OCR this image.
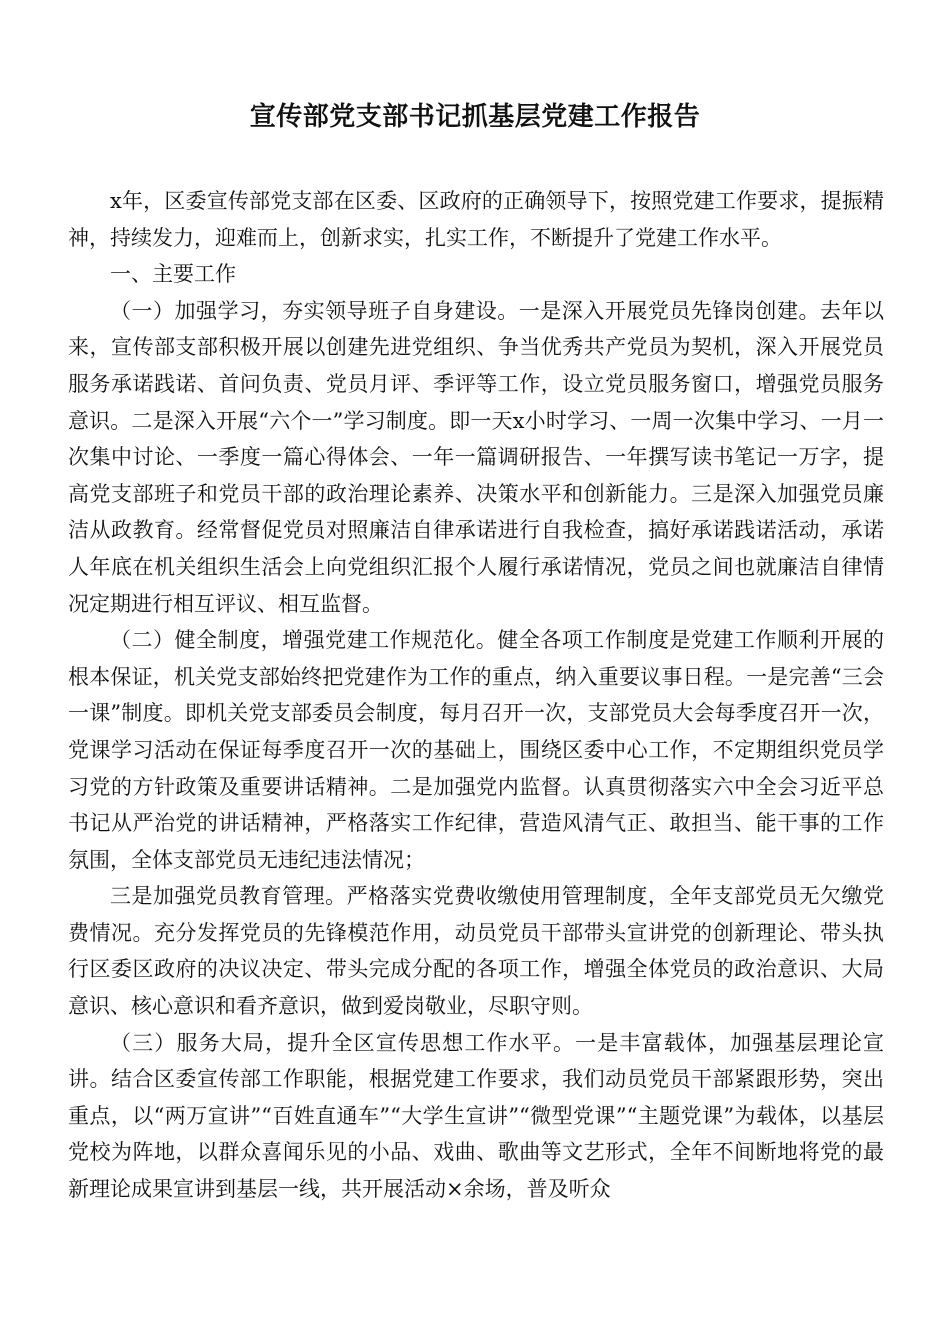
宣传部党支部书记抓基层党建工作报告

x年，区委宣传部党支部在区委、区政府的正确领导下，按照党建工作要求，提振精神，持续发力，迎难而上，创新求实，扎实工作，不断提升了党建工作水平。

一、主要工作

（一）加强学习，夯实领导班子自身建设。一是深入开展党员先锋岗创建。去年以来，宣传部支部积极开展以创建先进党组织、争当优秀共产党员为契机，深入开展党员服务承诺践诺、首问负责、党员月评、季评等工作，设立党员服务窗口，增强党员服务意识。二是深入开展“六个一”学习制度。即一天x小时学习、一周一次集中学习、一月一次集中讨论、一季度一篇心得体会、一年一篇调研报告、一年撰写读书笔记一万字，提高党支部班子和党员干部的政治理论素养、决策水平和创新能力。三是深入加强党员廉洁从政教育。经常督促党员对照廉洁自律承诺进行自我检查，搞好承诺践诺活动，承诺人年底在机关组织生活会上向党组织汇报个人履行承诺情况，党员之间也就廉洁自律情况定期进行相互评议、相互监督。

（二）健全制度，增强党建工作规范化。健全各项工作制度是党建工作顺利开展的根本保证，机关党支部始终把党建作为工作的重点，纳入重要议事日程。一是完善“三会一课”制度。即机关党支部委员会制度，每月召开一次，支部党员大会每季度召开一次，党课学习活动在保证每季度召开一次的基础上，围绕区委中心工作，不定期组织党员学习党的方针政策及重要讲话精神。二是加强党内监督。认真贯彻落实六中全会习近平总书记从严治党的讲话精神，严格落实工作纪律，营造风清气正、敢担当、能干事的工作氛围，全体支部党员无违纪违法情况；

三是加强党员教育管理。严格落实党费收缴使用管理制度，全年支部党员无欠缴党费情况。充分发挥党员的先锋模范作用，动员党员干部带头宣讲党的创新理论、带头执行区委区政府的决议决定、带头完成分配的各项工作，增强全体党员的政治意识、大局意识、核心意识和看齐意识，做到爱岗敬业，尽职守则。

（三）服务大局，提升全区宣传思想工作水平。一是丰富载体，加强基层理论宣讲。结合区委宣传部工作职能，根据党建工作要求，我们动员党员干部紧跟形势，突出重点，以“两万宣讲”“百姓直通车”“大学生宣讲”“微型党课”“主题党课”为载体，以基层党校为阵地，以群众喜闻乐见的小品、戏曲、歌曲等文艺形式，全年不间断地将党的最新理论成果宣讲到基层一线，共开展活动×余场，普及听众
